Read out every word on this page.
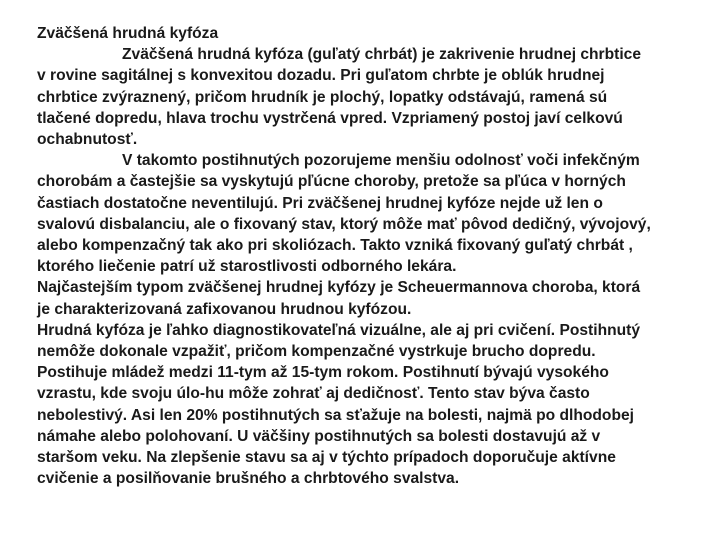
Zväčšená hrudná kyfóza
Zväčšená hrudná kyfóza (guľatý chrbát) je zakrivenie hrudnej chrbtice
v rovine sagitálnej s konvexitou dozadu. Pri guľatom chrbte je oblúk hrudnej
chrbtice zvýraznený, pričom hrudník je plochý, lopatky odstávajú, ramená sú
tlačené dopredu, hlava trochu vystrčená vpred. Vzpriamený postoj javí celkovú
ochabnutosť.
V takomto postihnutých pozorujeme menšiu odolnosť voči infekčným
chorobám a častejšie sa vyskytujú pľúcne choroby, pretože sa pľúca v horných
častiach dostatočne neventilujú. Pri zväčšenej hrudnej kyfóze nejde už len o
svalovú disbalanciu, ale o fixovaný stav, ktorý môže mať pôvod dedičný, vývojový,
alebo kompenzačný tak ako pri skoliózach. Takto vzniká fixovaný guľatý chrbát ,
ktorého liečenie patrí už starostlivosti odborného lekára.
Najčastejším typom zväčšenej hrudnej kyfózy je Scheuermannova choroba, ktorá
je charakterizovaná zafixovanou hrudnou kyfózou.
Hrudná kyfóza je ľahko diagnostikovateľná vizuálne, ale aj pri cvičení. Postihnutý
nemôže dokonale vzpažiť, pričom kompenzačné vystrkuje brucho dopredu.
Postihuje mládež medzi 11-tym až 15-tym rokom. Postihnutí bývajú vysokého
vzrastu, kde svoju úlo-hu môže zohrať aj dedičnosť. Tento stav býva často
nebolestivý. Asi len 20% postihnutých sa sťažuje na bolesti, najmä po dlhodobej
námahe alebo polohovaní. U väčšiny postihnutých sa bolesti dostavujú až v
staršom veku. Na zlepšenie stavu sa aj v týchto prípadoch doporučuje aktívne
cvičenie a posilňovanie brušného a chrbtového svalstva.
